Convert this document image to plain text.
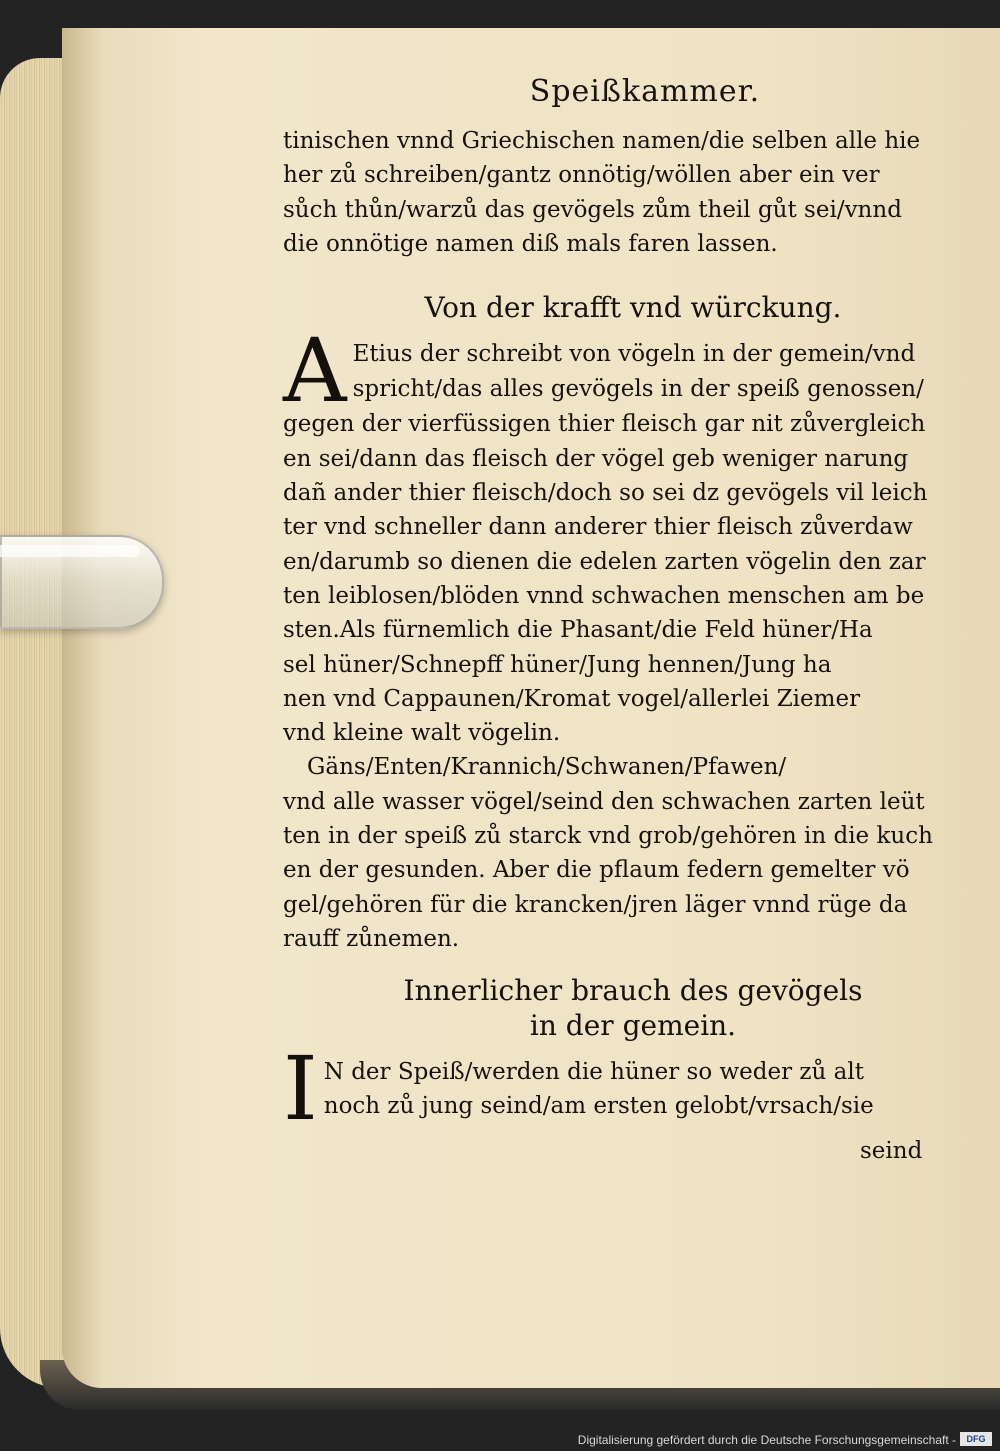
Speißkammer.
tinischen vnnd Griechischen namen/die selben alle hie
her zů schreiben/gantz onnötig/wöllen aber ein ver
sůch thůn/warzů das gevögels zům theil gůt sei/vnnd
die onnötige namen diß mals faren lassen.
Von der krafft vnd würckung.
A Etius der schreibt von vögeln in der gemein/vnd
spricht/das alles gevögels in der speiß genossen/
gegen der vierfüssigen thier fleisch gar nit zůvergleich
en sei/dann das fleisch der vögel geb weniger narung
dañ ander thier fleisch/doch so sei dz gevögels vil leich
ter vnd schneller dann anderer thier fleisch zůverdaw
en/darumb so dienen die edelen zarten vögelin den zar
ten leiblosen/blöden vnnd schwachen menschen am be
sten.Als fürnemlich die Phasant/die Feld hüner/Ha
sel hüner/Schnepff hüner/Jung hennen/Jung ha
nen vnd Cappaunen/Kromat vogel/allerlei Ziemer
vnd kleine walt vögelin.
Gäns/Enten/Krannich/Schwanen/Pfawen/
vnd alle wasser vögel/seind den schwachen zarten leüt
ten in der speiß zů starck vnd grob/gehören in die kuch
en der gesunden. Aber die pflaum federn gemelter vö
gel/gehören für die krancken/jren läger vnnd rüge da
rauff zůnemen.
Innerlicher brauch des gevögels
in der gemein.
I N der Speiß/werden die hüner so weder zů alt
noch zů jung seind/am ersten gelobt/vrsach/sie
seind
Digitalisierung gefördert durch die Deutsche Forschungsgemeinschaft -	DFG
